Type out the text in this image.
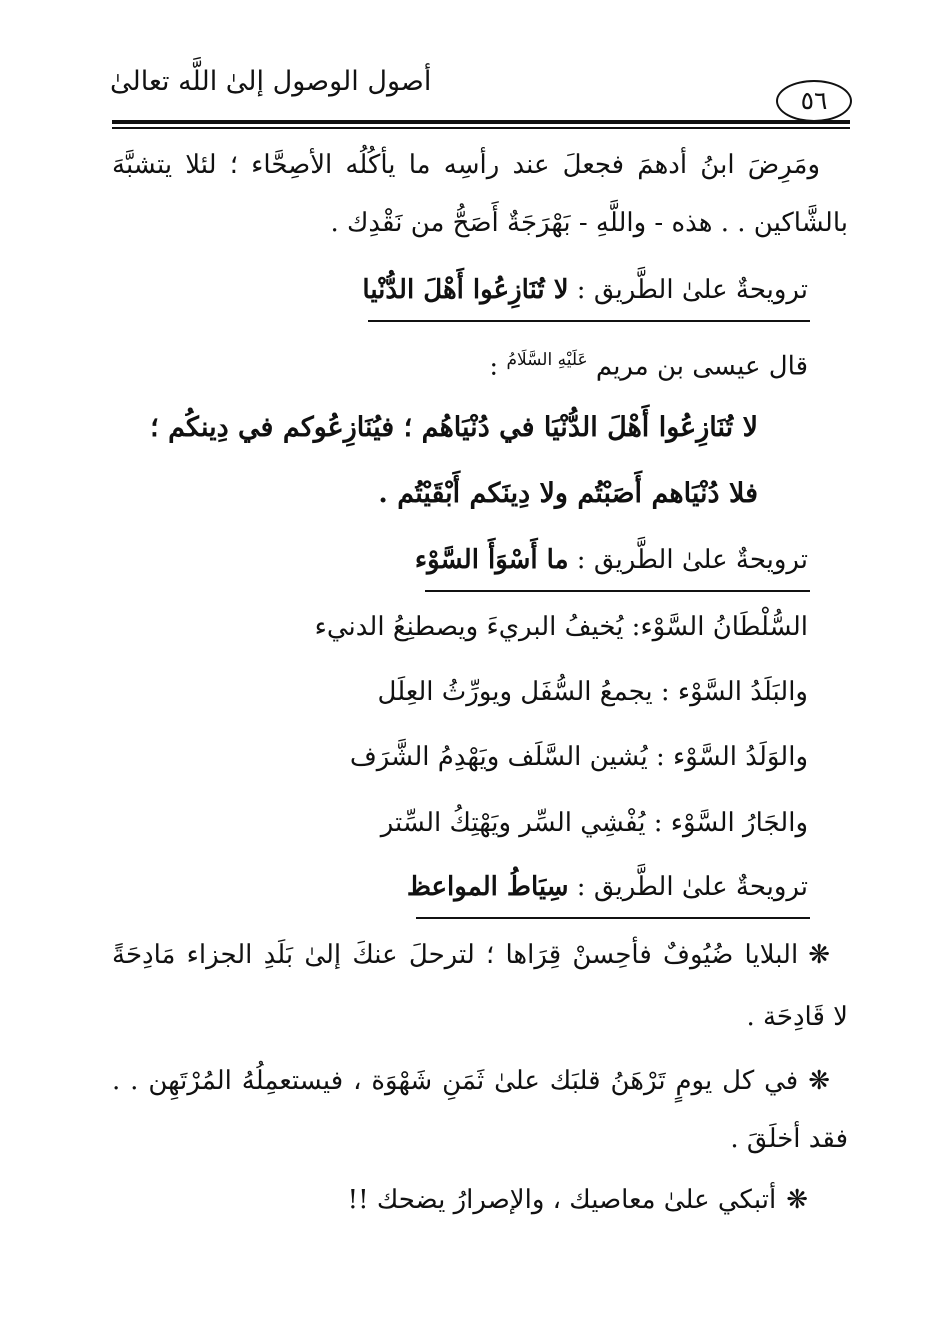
أصول الوصول إلىٰ اللَّه تعالىٰ
٥٦
ومَرِضَ ابنُ أدهمَ فجعلَ عند رأسِه ما يأكُلُه الأصِحَّاء ؛ لئلا يتشبَّهَ
بالشَّاكين . . هذه - واللَّهِ - بَهْرَجَةٌ أَصَحُّ من نَقْدِك .
ترويحةٌ علىٰ الطَّريق : لا تُنَازِعُوا أَهْلَ الدُّنْيا
قال عيسى بن مريم $^{عَلَيْهِ السَّلَامُ}$ :
لا تُنَازِعُوا أَهْلَ الدُّنْيَا في دُنْيَاهُم ؛ فيُنَازِعُوكم في دِينكُم ؛
فلا دُنْيَاهم أَصَبْتُم ولا دِينَكم أَبْقَيْتُم .
ترويحةٌ علىٰ الطَّريق : ما أَسْوَأَ السَّوْء
السُّلْطَانُ السَّوْء: يُخيفُ البريءَ ويصطنِعُ الدنيء
والبَلَدُ السَّوْء : يجمعُ السُّفَل ويورِّثُ العِلَل
والوَلَدُ السَّوْء : يُشين السَّلَف ويَهْدِمُ الشَّرَف
والجَارُ السَّوْء : يُفْشِي السِّر ويَهْتِكُ السِّتر
ترويحةٌ علىٰ الطَّريق : سِيَاطُ المواعظ
❋البلايا ضُيُوفٌ فأحِسنْ قِرَاها ؛ لترحلَ عنكَ إلىٰ بَلَدِ الجزاء مَادِحَةً
لا قَادِحَة .
❋في كل يومٍ تَرْهَنُ قلبَك علىٰ ثَمَنِ شَهْوَة ، فيستعمِلُهُ المُرْتَهِن . .
فقد أخلَقَ .
❋أتبكي علىٰ معاصيك ، والإصرارُ يضحك !!
